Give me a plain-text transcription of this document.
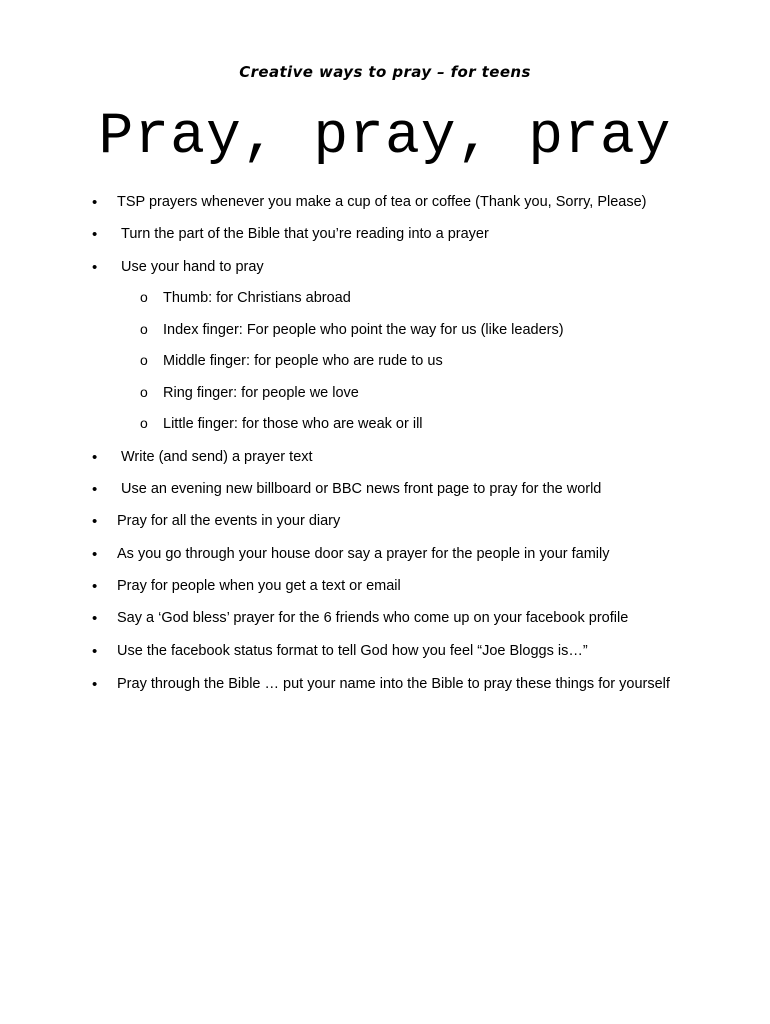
Creative ways to pray – for teens
Pray, pray, pray
• TSP prayers whenever you make a cup of tea or coffee (Thank you, Sorry, Please)
• Turn the part of the Bible that you’re reading into a prayer
• Use your hand to pray
o Thumb: for Christians abroad
o Index finger: For people who point the way for us (like leaders)
o Middle finger: for people who are rude to us
o Ring finger: for people we love
o Little finger: for those who are weak or ill
• Write (and send) a prayer text
• Use an evening new billboard or BBC news front page to pray for the world
• Pray for all the events in your diary
• As you go through your house door say a prayer for the people in your family
• Pray for people when you get a text or email
• Say a ‘God bless’ prayer for the 6 friends who come up on your facebook profile
• Use the facebook status format to tell God how you feel “Joe Bloggs is…”
• Pray through the Bible … put your name into the Bible to pray these things for yourself
